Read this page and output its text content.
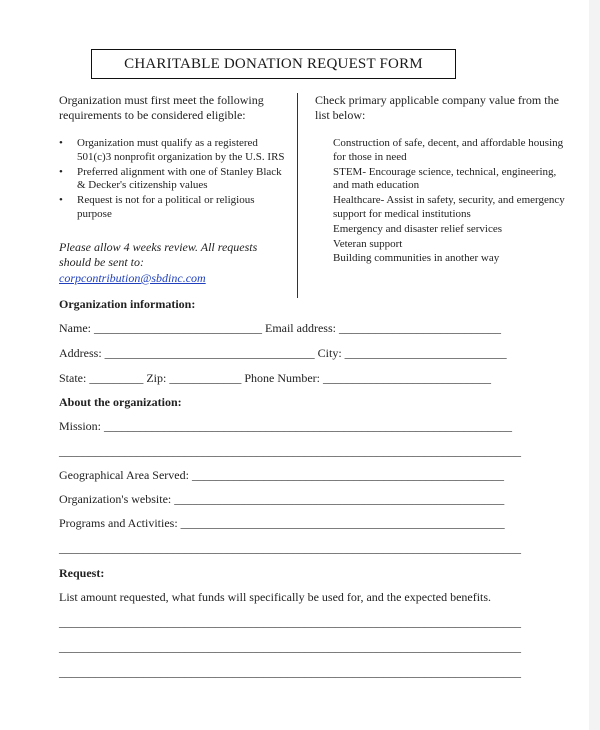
CHARITABLE DONATION REQUEST FORM

Organization must first meet the following requirements to be considered eligible:

•	Organization must qualify as a registered 501(c)3 nonprofit organization by the U.S. IRS
•	Preferred alignment with one of Stanley Black & Decker's citizenship values
•	Request is not for a political or religious purpose
Please allow 4 weeks review. All requests should be sent to:
corpcontribution@sbdinc.com

Check primary applicable company value from the list below:

Construction of safe, decent, and affordable housing for those in need
STEM- Encourage science, technical, engineering, and math education
Healthcare- Assist in safety, security, and emergency support for medical institutions
Emergency and disaster relief services
Veteran support
Building communities in another way
Organization information:
Name: ____________________________ Email address: ___________________________
Address: ___________________________________ City: ___________________________
State: _________ Zip: ____________ Phone Number: ____________________________
About the organization:
Mission: ____________________________________________________________________
_____________________________________________________________________________
Geographical Area Served: ____________________________________________________
Organization's website: _______________________________________________________
Programs and Activities: ______________________________________________________
_____________________________________________________________________________
Request:
List amount requested, what funds will specifically be used for, and the expected benefits.
_____________________________________________________________________________
_____________________________________________________________________________
_____________________________________________________________________________
